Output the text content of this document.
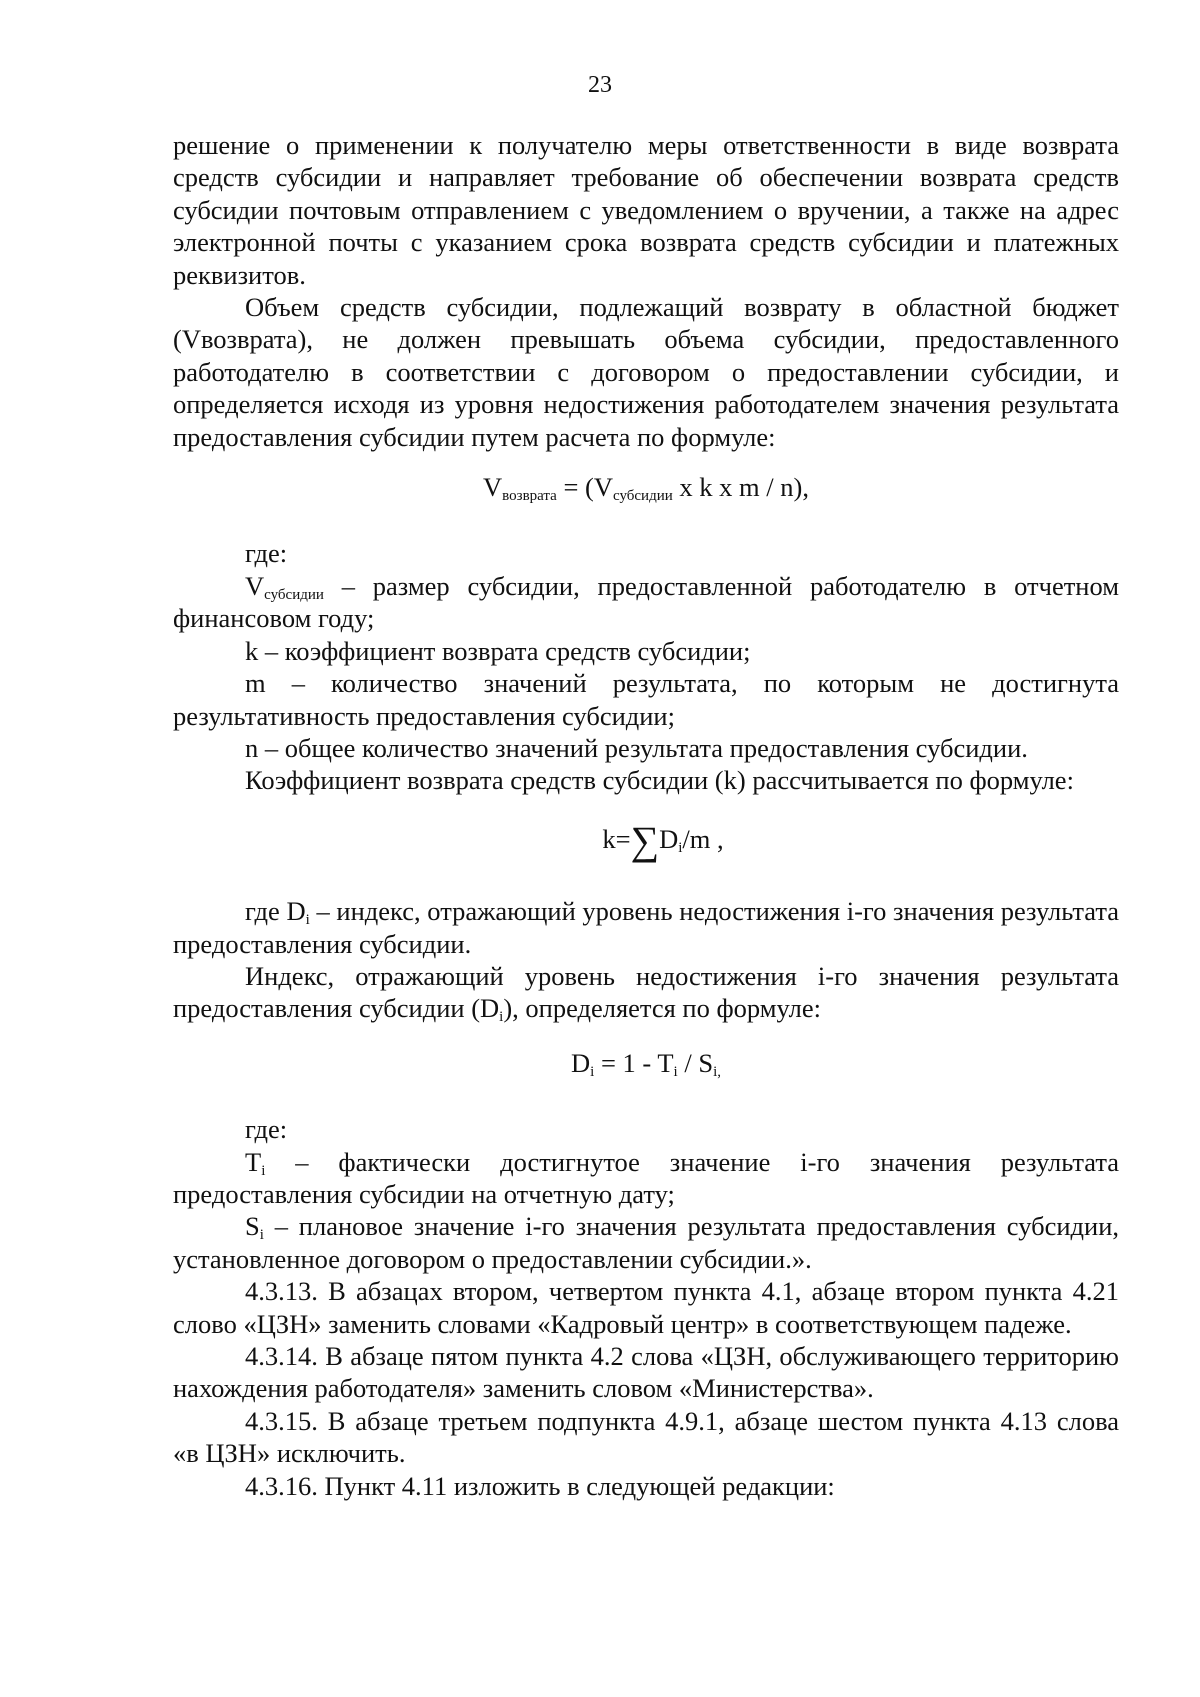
23

решение о применении к получателю меры ответственности в виде возврата средств субсидии и направляет требование об обеспечении возврата средств субсидии почтовым отправлением с уведомлением о вручении, а также на адрес электронной почты с указанием срока возврата средств субсидии и платежных реквизитов.

Объем средств субсидии, подлежащий возврату в областной бюджет (Vвозврата), не должен превышать объема субсидии, предоставленного работодателю в соответствии с договором о предоставлении субсидии, и определяется исходя из уровня недостижения работодателем значения результата предоставления субсидии путем расчета по формуле:

$V_{возврата} = (V_{субсидии}$ x k x m / n),

где:

$V_{субсидии}$ – размер субсидии, предоставленной работодателю в отчетном финансовом году;

k – коэффициент возврата средств субсидии;

m – количество значений результата, по которым не достигнута результативность предоставления субсидии;

n – общее количество значений результата предоставления субсидии.

Коэффициент возврата средств субсидии (k) рассчитывается по формуле:

$k=\sum D_i/m$ ,

где $D_i$ – индекс, отражающий уровень недостижения i-го значения результата предоставления субсидии.

Индекс, отражающий уровень недостижения i-го значения результата предоставления субсидии $(D_i)$, определяется по формуле:

$D_i = 1 - T_i / S_{i,}$

где:

$T_i$ – фактически достигнутое значение i-го значения результата предоставления субсидии на отчетную дату;

$S_i$ – плановое значение i-го значения результата предоставления субсидии, установленное договором о предоставлении субсидии.».

4.3.13. В абзацах втором, четвертом пункта 4.1, абзаце втором пункта 4.21 слово «ЦЗН» заменить словами «Кадровый центр» в соответствующем падеже.

4.3.14. В абзаце пятом пункта 4.2 слова «ЦЗН, обслуживающего территорию нахождения работодателя» заменить словом «Министерства».

4.3.15. В абзаце третьем подпункта 4.9.1, абзаце шестом пункта 4.13 слова «в ЦЗН» исключить.

4.3.16. Пункт 4.11 изложить в следующей редакции:
